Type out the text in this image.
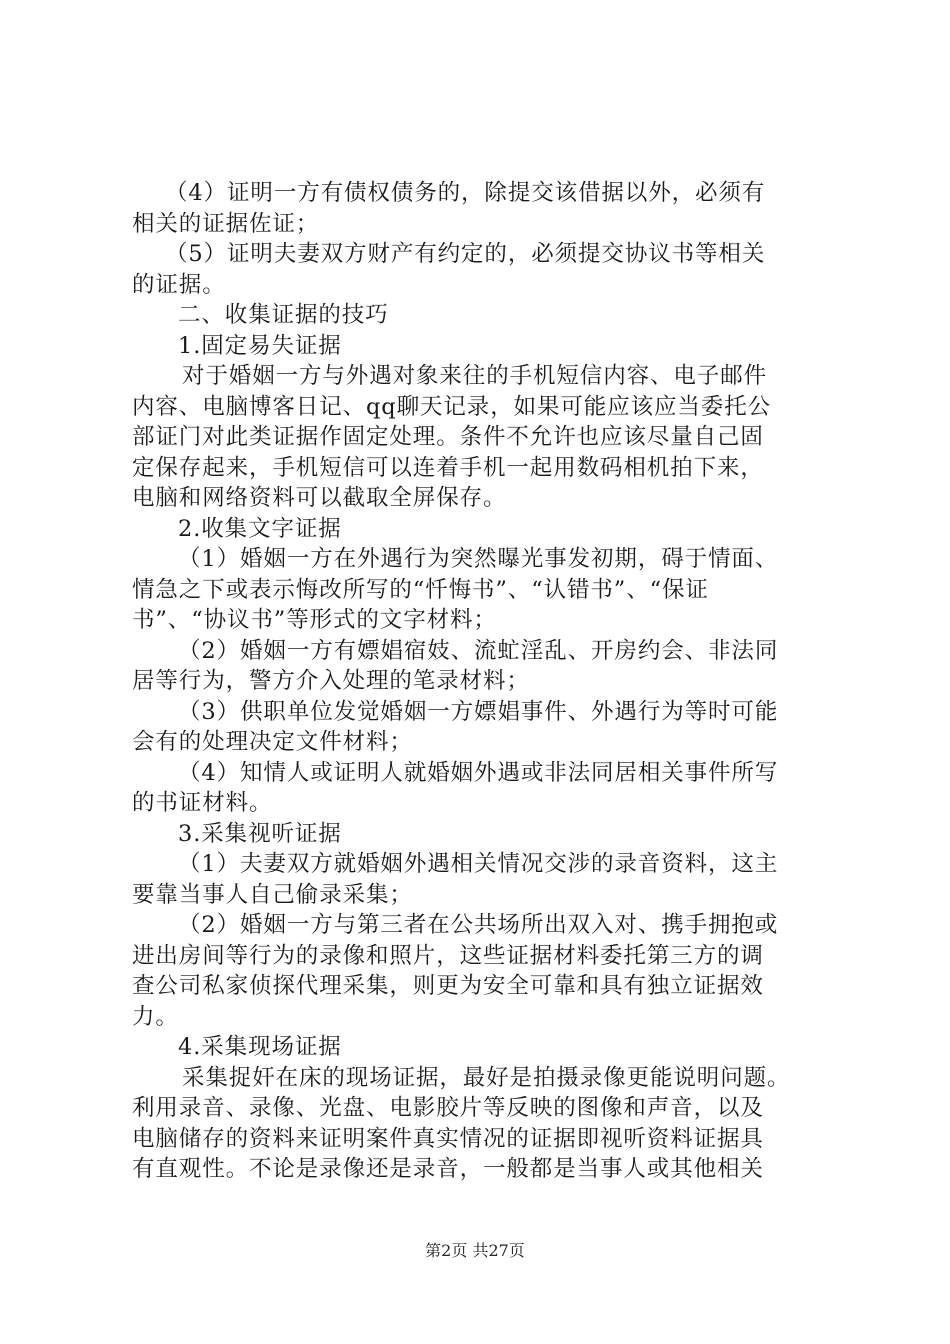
（4）证明一方有债权债务的，除提交该借据以外，必须有
相关的证据佐证；
（5）证明夫妻双方财产有约定的，必须提交协议书等相关
的证据。
二、收集证据的技巧
1.固定易失证据
对于婚姻一方与外遇对象来往的手机短信内容、电子邮件
内容、电脑博客日记、qq聊天记录，如果可能应该应当委托公
部证门对此类证据作固定处理。条件不允许也应该尽量自己固
定保存起来，手机短信可以连着手机一起用数码相机拍下来，
电脑和网络资料可以截取全屏保存。
2.收集文字证据
（1）婚姻一方在外遇行为突然曝光事发初期，碍于情面、
情急之下或表示悔改所写的“忏悔书”、“认错书”、“保证
书”、“协议书”等形式的文字材料；
（2）婚姻一方有嫖娼宿妓、流虻淫乱、开房约会、非法同
居等行为，警方介入处理的笔录材料；
（3）供职单位发觉婚姻一方嫖娼事件、外遇行为等时可能
会有的处理决定文件材料；
（4）知情人或证明人就婚姻外遇或非法同居相关事件所写
的书证材料。
3.采集视听证据
（1）夫妻双方就婚姻外遇相关情况交涉的录音资料，这主
要靠当事人自己偷录采集；
（2）婚姻一方与第三者在公共场所出双入对、携手拥抱或
进出房间等行为的录像和照片，这些证据材料委托第三方的调
查公司私家侦探代理采集，则更为安全可靠和具有独立证据效
力。
4.采集现场证据
采集捉奸在床的现场证据，最好是拍摄录像更能说明问题。
利用录音、录像、光盘、电影胶片等反映的图像和声音，以及
电脑储存的资料来证明案件真实情况的证据即视听资料证据具
有直观性。不论是录像还是录音，一般都是当事人或其他相关
第2页 共27页
